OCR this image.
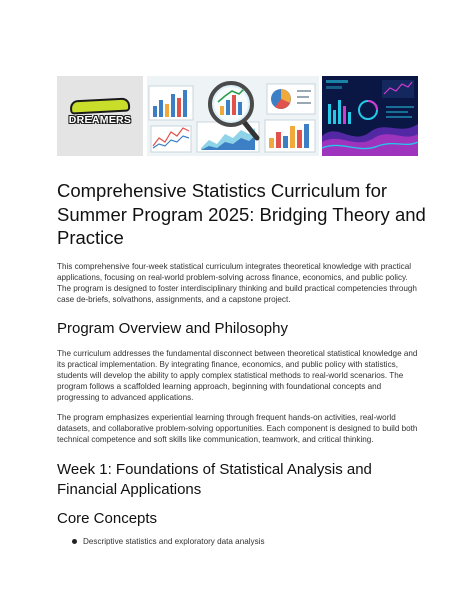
DREAMERS
Comprehensive Statistics Curriculum for Summer Program 2025: Bridging Theory and Practice

This comprehensive four-week statistical curriculum integrates theoretical knowledge with practical applications, focusing on real-world problem-solving across finance, economics, and public policy. The program is designed to foster interdisciplinary thinking and build practical competencies through case de-briefs, solvathons, assignments, and a capstone project.

Program Overview and Philosophy

The curriculum addresses the fundamental disconnect between theoretical statistical knowledge and its practical implementation. By integrating finance, economics, and public policy with statistics, students will develop the ability to apply complex statistical methods to real-world scenarios. The program follows a scaffolded learning approach, beginning with foundational concepts and progressing to advanced applications.

The program emphasizes experiential learning through frequent hands-on activities, real-world datasets, and collaborative problem-solving opportunities. Each component is designed to build both technical competence and soft skills like communication, teamwork, and critical thinking.

Week 1: Foundations of Statistical Analysis and Financial Applications
Core Concepts
Descriptive statistics and exploratory data analysis
